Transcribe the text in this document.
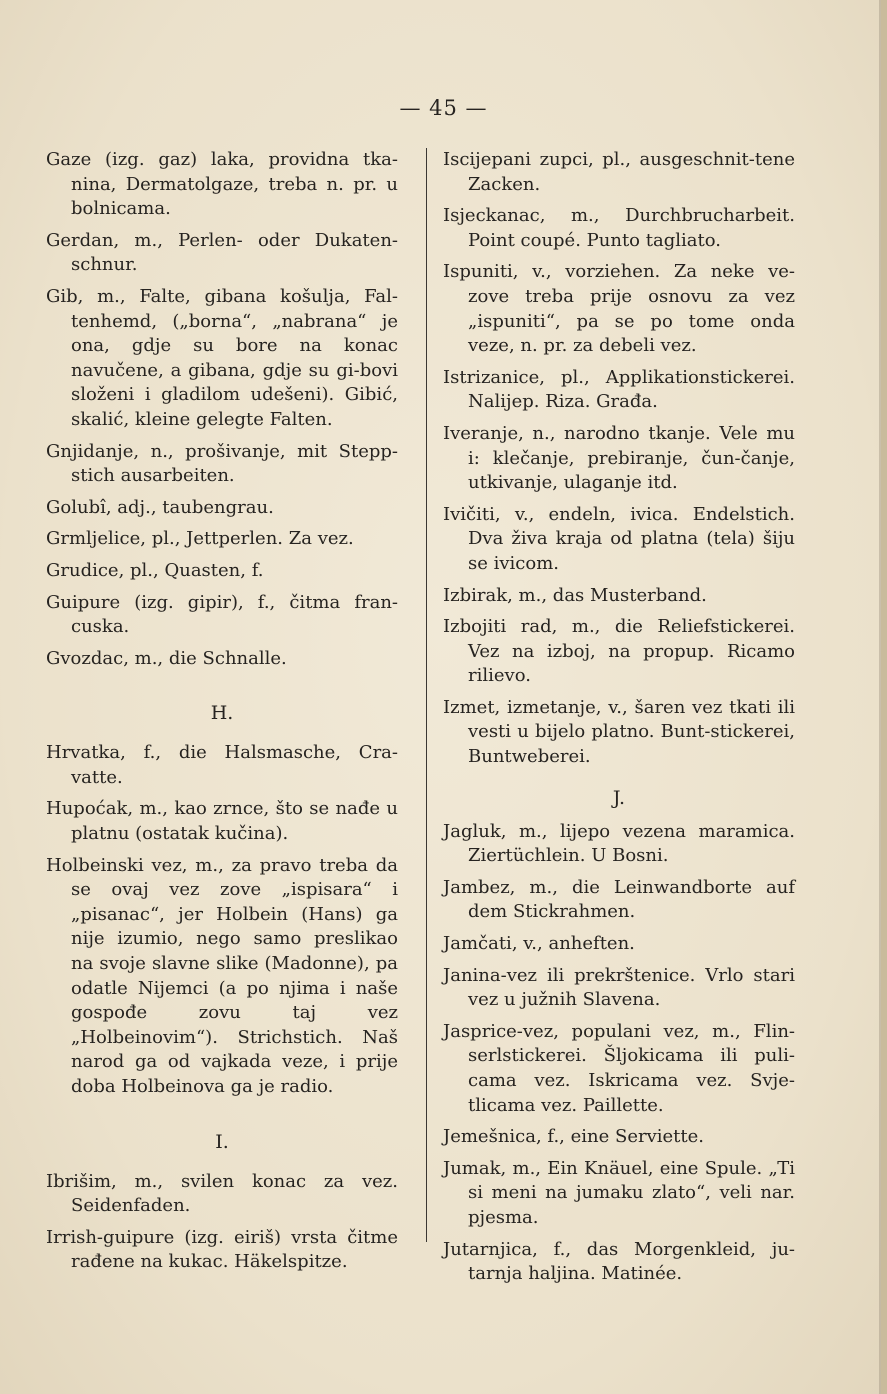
— 45 —
Gaze (izg. gaz) laka, providna tka-nina, Dermatolgaze, treba n. pr. u bolnicama.
Gerdan, m., Perlen- oder Dukaten-schnur.
Gib, m., Falte, gibana košulja, Fal-tenhemd, („borna“, „nabrana“ je ona, gdje su bore na konac navučene, a gibana, gdje su gi-bovi složeni i gladilom udešeni). Gibić, skalić, kleine gelegte Falten.
Gnjidanje, n., prošivanje, mit Stepp-stich ausarbeiten.
Golubî, adj., taubengrau.
Grmljelice, pl., Jettperlen. Za vez.
Grudice, pl., Quasten, f.
Guipure (izg. gipir), f., čitma fran-cuska.
Gvozdac, m., die Schnalle.
H.
Hrvatka, f., die Halsmasche, Cra-vatte.
Hupoćak, m., kao zrnce, što se nađe u platnu (ostatak kučina).
Holbeinski vez, m., za pravo treba da se ovaj vez zove „ispisara“ i „pisanac“, jer Holbein (Hans) ga nije izumio, nego samo preslikao na svoje slavne slike (Madonne), pa odatle Nijemci (a po njima i naše gospođe zovu taj vez „Holbeinovim“). Strichstich. Naš narod ga od vajkada veze, i prije doba Holbeinova ga je radio.
I.
Ibrišim, m., svilen konac za vez. Seidenfaden.
Irrish-guipure (izg. eiriš) vrsta čitme rađene na kukac. Häkelspitze.
Iscijepani zupci, pl., ausgeschnit-tene Zacken.
Isjeckanac, m., Durchbrucharbeit. Point coupé. Punto tagliato.
Ispuniti, v., vorziehen. Za neke ve-zove treba prije osnovu za vez „ispuniti“, pa se po tome onda veze, n. pr. za debeli vez.
Istrizanice, pl., Applikationstickerei. Nalijep. Riza. Građa.
Iveranje, n., narodno tkanje. Vele mu i: klečanje, prebiranje, čun-čanje, utkivanje, ulaganje itd.
Ivičiti, v., endeln, ivica. Endelstich. Dva živa kraja od platna (tela) šiju se ivicom.
Izbirak, m., das Musterband.
Izbojiti rad, m., die Reliefstickerei. Vez na izboj, na propup. Ricamo rilievo.
Izmet, izmetanje, v., šaren vez tkati ili vesti u bijelo platno. Bunt-stickerei, Buntweberei.
J.
Jagluk, m., lijepo vezena maramica. Ziertüchlein. U Bosni.
Jambez, m., die Leinwandborte auf dem Stickrahmen.
Jamčati, v., anheften.
Janina-vez ili prekrštenice. Vrlo stari vez u južnih Slavena.
Jasprice-vez, populani vez, m., Flin-serlstickerei. Šljokicama ili puli-cama vez. Iskricama vez. Svje-tlicama vez. Paillette.
Jemešnica, f., eine Serviette.
Jumak, m., Ein Knäuel, eine Spule. „Ti si meni na jumaku zlato“, veli nar. pjesma.
Jutarnjica, f., das Morgenkleid, ju-tarnja haljina. Matinée.
